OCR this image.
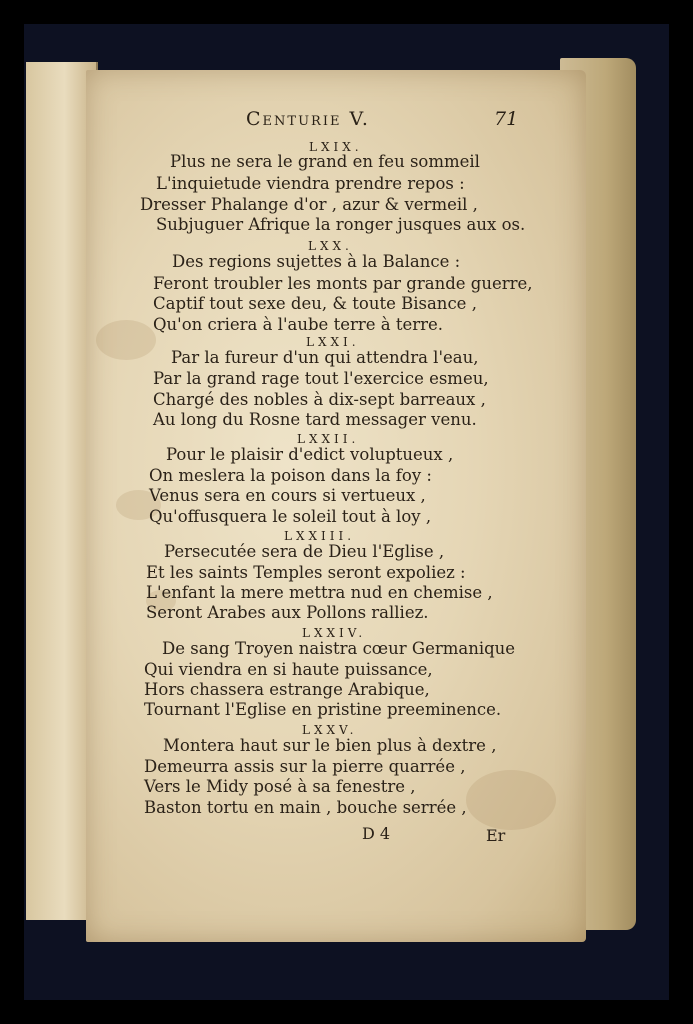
Centurie V.	71
LXIX.
Plus ne sera le grand en feu sommeil
L'inquietude viendra prendre repos :
Dresser Phalange d'or , azur & vermeil ,
Subjuguer Afrique la ronger jusques aux os.
LXX.
Des regions sujettes à la Balance :
Feront troubler les monts par grande guerre,
Captif tout sexe deu, & toute Bisance ,
Qu'on criera à l'aube terre à terre.
LXXI.
Par la fureur d'un qui attendra l'eau,
Par la grand rage tout l'exercice esmeu,
Chargé des nobles à dix-sept barreaux ,
Au long du Rosne tard messager venu.
LXXII.
Pour le plaisir d'edict voluptueux ,
On meslera la poison dans la foy :
Venus sera en cours si vertueux ,
Qu'offusquera le soleil tout à loy ,
LXXIII.
Persecutée sera de Dieu l'Eglise ,
Et les saints Temples seront expoliez :
L'enfant la mere mettra nud en chemise ,
Seront Arabes aux Pollons ralliez.
LXXIV.
De sang Troyen naistra cœur Germanique
Qui viendra en si haute puissance,
Hors chassera estrange Arabique,
Tournant l'Eglise en pristine preeminence.
LXXV.
Montera haut sur le bien plus à dextre ,
Demeurra assis sur la pierre quarrée ,
Vers le Midy posé à sa fenestre ,
Baston tortu en main , bouche serrée ,
D 4	Er
